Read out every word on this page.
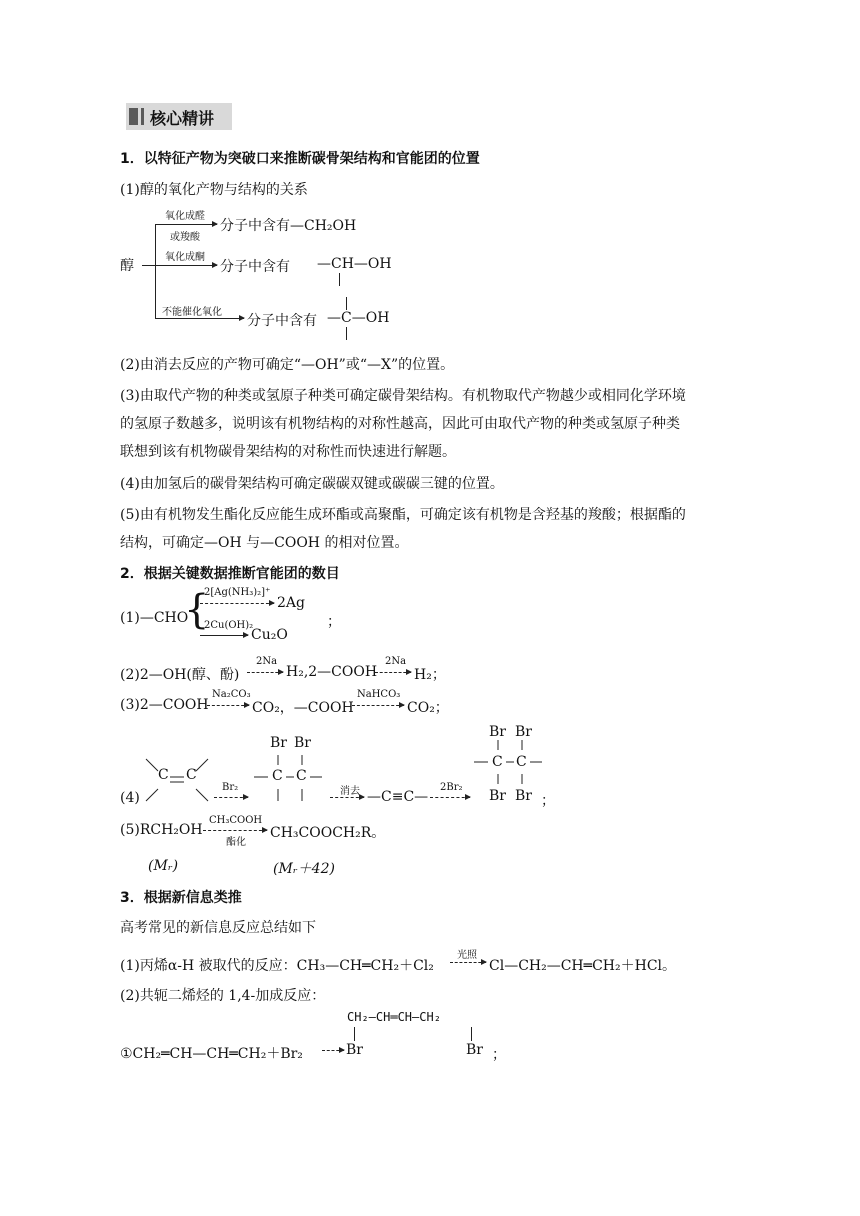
核心精讲
1．以特征产物为突破口来推断碳骨架结构和官能团的位置
(1)醇的氧化产物与结构的关系
醇
氧化成醛
或羧酸
分子中含有—CH₂OH
氧化成酮
分子中含有 —CH—OH
不能催化氧化
分子中含有 —C—OH
(2)由消去反应的产物可确定“—OH”或“—X”的位置。
(3)由取代产物的种类或氢原子种类可确定碳骨架结构。有机物取代产物越少或相同化学环境
的氢原子数越多，说明该有机物结构的对称性越高，因此可由取代产物的种类或氢原子种类
联想到该有机物碳骨架结构的对称性而快速进行解题。
(4)由加氢后的碳骨架结构可确定碳碳双键或碳碳三键的位置。
(5)由有机物发生酯化反应能生成环酯或高聚酯，可确定该有机物是含羟基的羧酸；根据酯的
结构，可确定—OH 与—COOH 的相对位置。
2．根据关键数据推断官能团的数目
(1)—CHO
{
2[Ag(NH₃)₂]⁺
2Ag
2Cu(OH)₂
Cu₂O
；
(2)2—OH(醇、酚)
2Na
H₂,2—COOH
2Na
H₂；
(3)2—COOH
Na₂CO₃
CO₂，—COOH
NaHCO₃
CO₂；
(4)
C C
Br₂
Br Br
C C
消去 —C≡C—
2Br₂
Br Br
C C
Br Br ；
(5)RCH₂OH
CH₃COOH
酯化
CH₃COOCH₂R。
(Mᵣ)	(Mᵣ＋42)
3．根据新信息类推
高考常见的新信息反应总结如下
(1)丙烯α-H 被取代的反应：CH₃—CH═CH₂＋Cl₂
光照
Cl—CH₂—CH═CH₂＋HCl。
(2)共轭二烯烃的 1,4-加成反应：
CH₂—CH═CH—CH₂
①CH₂═CH—CH═CH₂＋Br₂	Br	Br ；
